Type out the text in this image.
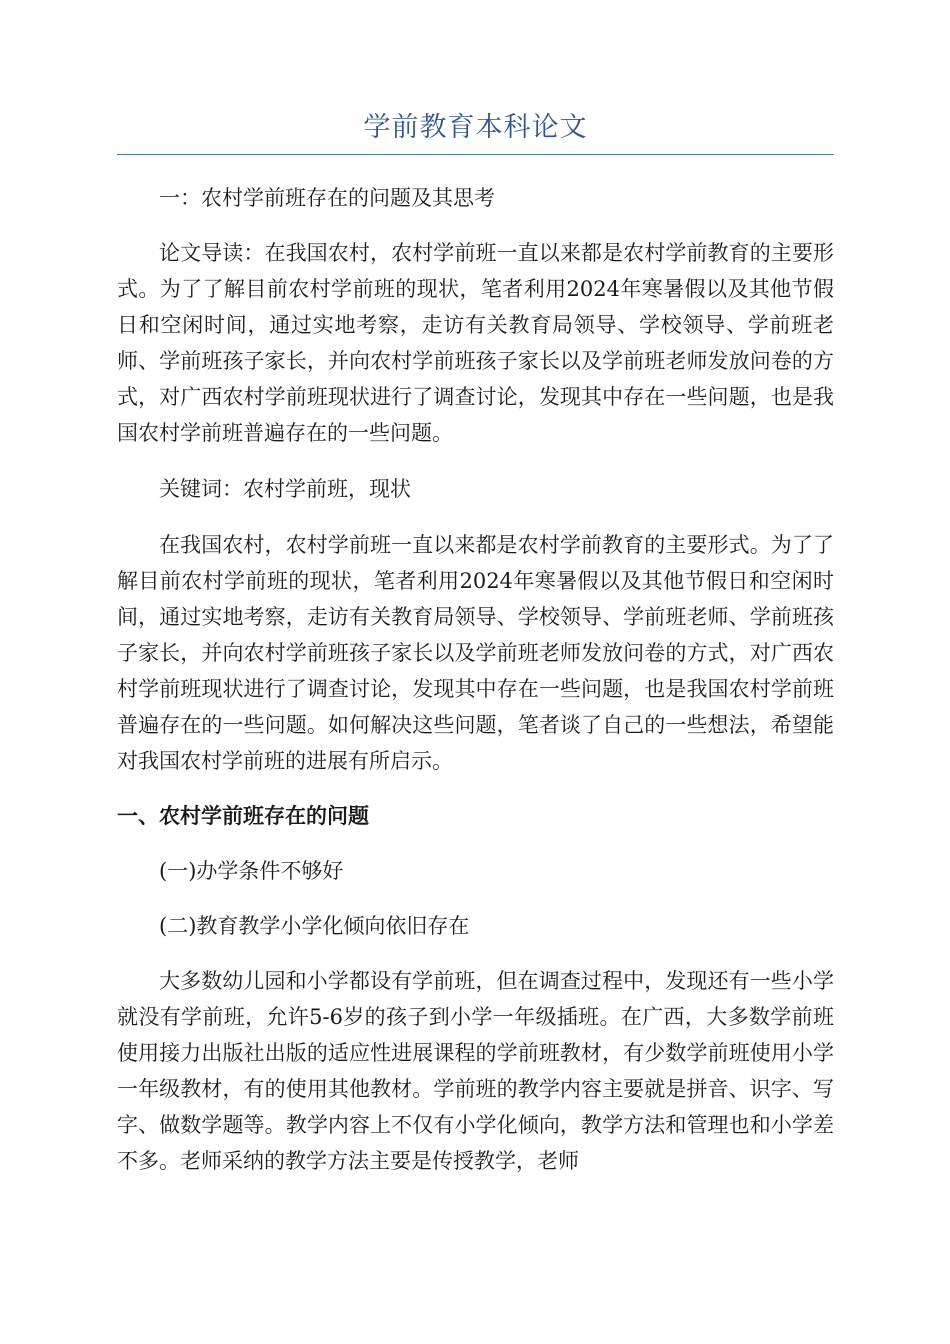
学前教育本科论文

一：农村学前班存在的问题及其思考

论文导读：在我国农村，农村学前班一直以来都是农村学前教育的主要形式。为了了解目前农村学前班的现状，笔者利用2024年寒暑假以及其他节假日和空闲时间，通过实地考察，走访有关教育局领导、学校领导、学前班老师、学前班孩子家长，并向农村学前班孩子家长以及学前班老师发放问卷的方式，对广西农村学前班现状进行了调查讨论，发现其中存在一些问题，也是我国农村学前班普遍存在的一些问题。

关键词：农村学前班，现状

在我国农村，农村学前班一直以来都是农村学前教育的主要形式。为了了解目前农村学前班的现状，笔者利用2024年寒暑假以及其他节假日和空闲时间，通过实地考察，走访有关教育局领导、学校领导、学前班老师、学前班孩子家长，并向农村学前班孩子家长以及学前班老师发放问卷的方式，对广西农村学前班现状进行了调查讨论，发现其中存在一些问题，也是我国农村学前班普遍存在的一些问题。如何解决这些问题，笔者谈了自己的一些想法，希望能对我国农村学前班的进展有所启示。

一、农村学前班存在的问题

(一)办学条件不够好

(二)教育教学小学化倾向依旧存在

大多数幼儿园和小学都设有学前班，但在调查过程中，发现还有一些小学就没有学前班，允许5-6岁的孩子到小学一年级插班。在广西，大多数学前班使用接力出版社出版的适应性进展课程的学前班教材，有少数学前班使用小学一年级教材，有的使用其他教材。学前班的教学内容主要就是拼音、识字、写字、做数学题等。教学内容上不仅有小学化倾向，教学方法和管理也和小学差不多。老师采纳的教学方法主要是传授教学，老师
